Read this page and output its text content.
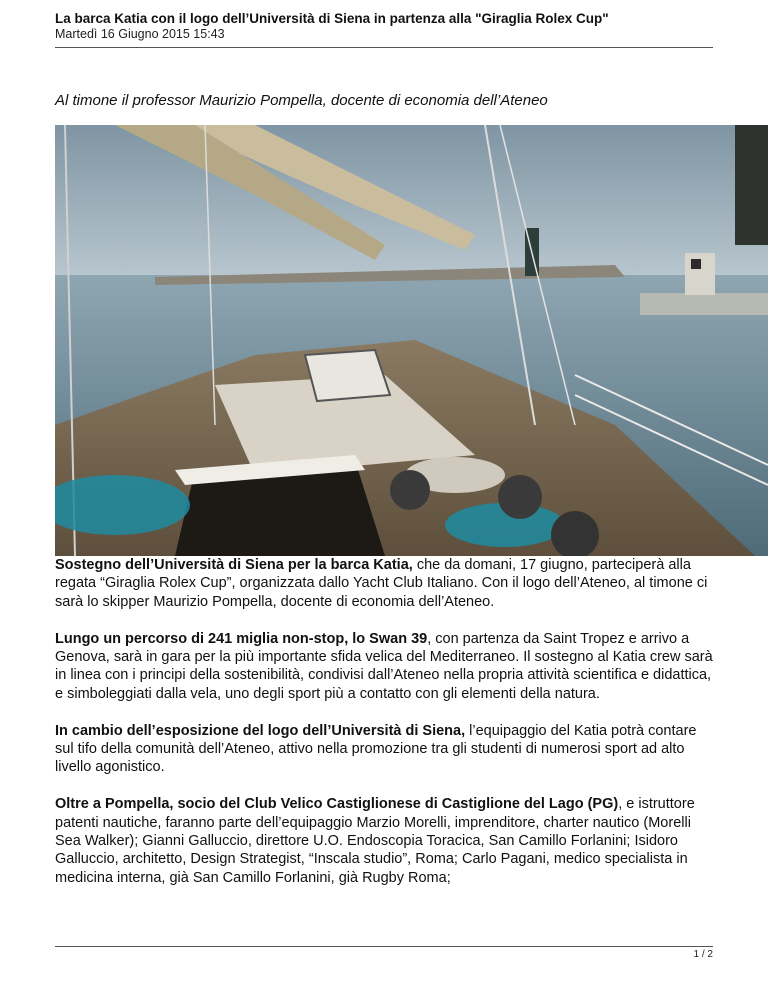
La barca Katia con il logo dell’Università di Siena in partenza alla "Giraglia Rolex Cup"
Martedì 16 Giugno 2015 15:43
Al timone il professor Maurizio Pompella, docente di economia dell’Ateneo

Sostegno dell’Università di Siena per la barca Katia, che da domani, 17 giugno, parteciperà alla regata “Giraglia Rolex Cup”, organizzata dallo Yacht Club Italiano. Con il logo dell’Ateneo, al timone ci sarà lo skipper Maurizio Pompella, docente di economia dell’Ateneo.

Lungo un percorso di 241 miglia non-stop, lo Swan 39, con partenza da Saint Tropez e arrivo a Genova, sarà in gara per la più importante sfida velica del Mediterraneo. Il sostegno al Katia crew sarà in linea con i principi della sostenibilità, condivisi dall’Ateneo nella propria attività scientifica e didattica, e simboleggiati dalla vela, uno degli sport più a contatto con gli elementi della natura.

In cambio dell’esposizione del logo dell’Università di Siena, l’equipaggio del Katia potrà contare sul tifo della comunità dell’Ateneo, attivo nella promozione tra gli studenti di numerosi sport ad alto livello agonistico.

Oltre a Pompella, socio del Club Velico Castiglionese di Castiglione del Lago (PG), e istruttore patenti nautiche, faranno parte dell’equipaggio Marzio Morelli, imprenditore, charter nautico (Morelli Sea Walker); Gianni Galluccio, direttore U.O. Endoscopia Toracica, San Camillo Forlanini; Isidoro Galluccio, architetto, Design Strategist, “Inscala studio”, Roma; Carlo Pagani, medico specialista in medicina interna, già San Camillo Forlanini, già Rugby Roma;

1 / 2
